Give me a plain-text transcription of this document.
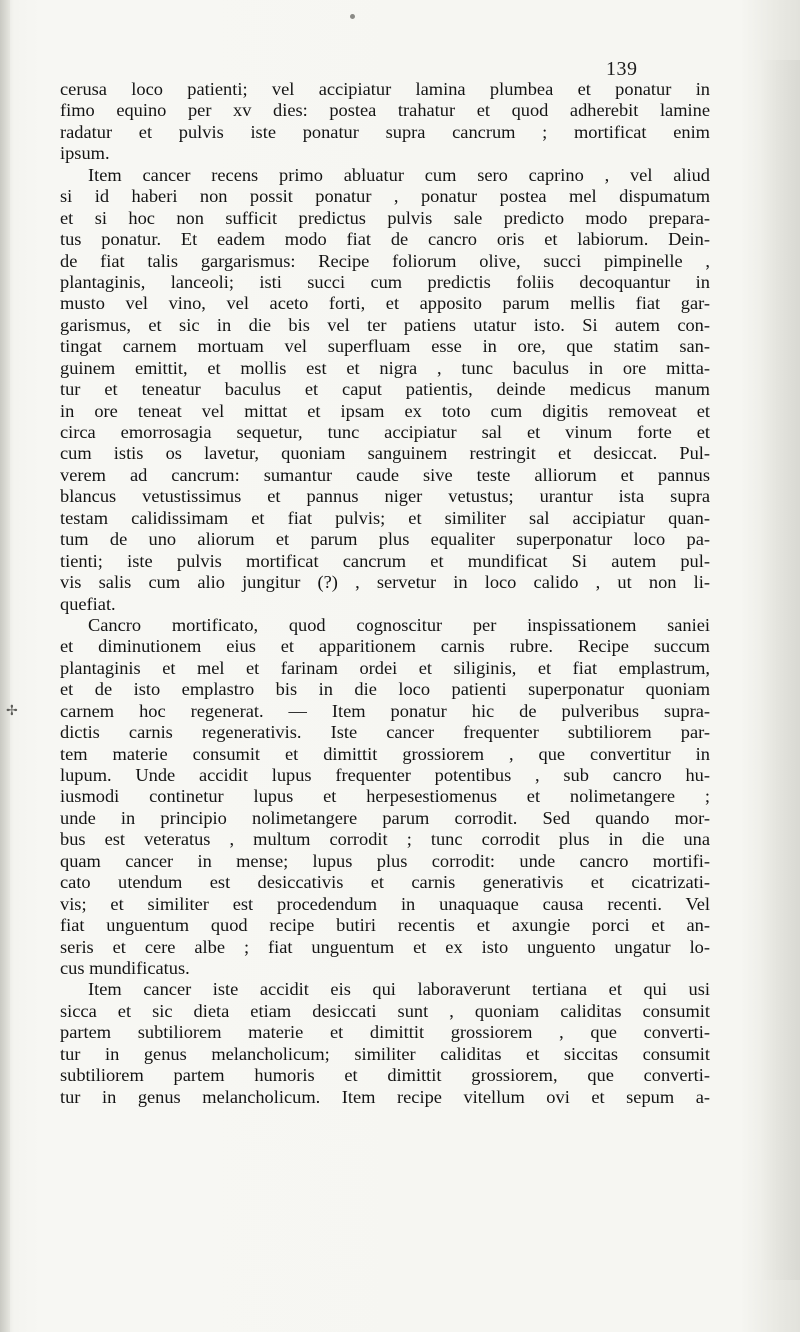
✢
139
cerusa loco patienti; vel accipiatur lamina plumbea et ponatur in
fimo equino per xv dies: postea trahatur et quod adherebit lamine
radatur et pulvis iste ponatur supra cancrum ; mortificat enim
ipsum.
Item cancer recens primo abluatur cum sero caprino , vel aliud
si id haberi non possit ponatur , ponatur postea mel dispumatum
et si hoc non sufficit predictus pulvis sale predicto modo prepara-
tus ponatur. Et eadem modo fiat de cancro oris et labiorum. Dein-
de fiat talis gargarismus: Recipe foliorum olive, succi pimpinelle ,
plantaginis, lanceoli; isti succi cum predictis foliis decoquantur in
musto vel vino, vel aceto forti, et apposito parum mellis fiat gar-
garismus, et sic in die bis vel ter patiens utatur isto. Si autem con-
tingat carnem mortuam vel superfluam esse in ore, que statim san-
guinem emittit, et mollis est et nigra , tunc baculus in ore mitta-
tur et teneatur baculus et caput patientis, deinde medicus manum
in ore teneat vel mittat et ipsam ex toto cum digitis removeat et
circa emorrosagia sequetur, tunc accipiatur sal et vinum forte et
cum istis os lavetur, quoniam sanguinem restringit et desiccat. Pul-
verem ad cancrum: sumantur caude sive teste alliorum et pannus
blancus vetustissimus et pannus niger vetustus; urantur ista supra
testam calidissimam et fiat pulvis; et similiter sal accipiatur quan-
tum de uno aliorum et parum plus equaliter superponatur loco pa-
tienti; iste pulvis mortificat cancrum et mundificat Si autem pul-
vis salis cum alio jungitur (?) , servetur in loco calido , ut non li-
quefiat.
Cancro mortificato, quod cognoscitur per inspissationem saniei
et diminutionem eius et apparitionem carnis rubre. Recipe succum
plantaginis et mel et farinam ordei et siliginis, et fiat emplastrum,
et de isto emplastro bis in die loco patienti superponatur quoniam
carnem hoc regenerat. — Item ponatur hic de pulveribus supra-
dictis carnis regenerativis. Iste cancer frequenter subtiliorem par-
tem materie consumit et dimittit grossiorem , que convertitur in
lupum. Unde accidit lupus frequenter potentibus , sub cancro hu-
iusmodi continetur lupus et herpesestiomenus et nolimetangere ;
unde in principio nolimetangere parum corrodit. Sed quando mor-
bus est veteratus , multum corrodit ; tunc corrodit plus in die una
quam cancer in mense; lupus plus corrodit: unde cancro mortifi-
cato utendum est desiccativis et carnis generativis et cicatrizati-
vis; et similiter est procedendum in unaquaque causa recenti. Vel
fiat unguentum quod recipe butiri recentis et axungie porci et an-
seris et cere albe ; fiat unguentum et ex isto unguento ungatur lo-
cus mundificatus.
Item cancer iste accidit eis qui laboraverunt tertiana et qui usi
sicca et sic dieta etiam desiccati sunt , quoniam caliditas consumit
partem subtiliorem materie et dimittit grossiorem , que converti-
tur in genus melancholicum; similiter caliditas et siccitas consumit
subtiliorem partem humoris et dimittit grossiorem, que converti-
tur in genus melancholicum. Item recipe vitellum ovi et sepum a-
